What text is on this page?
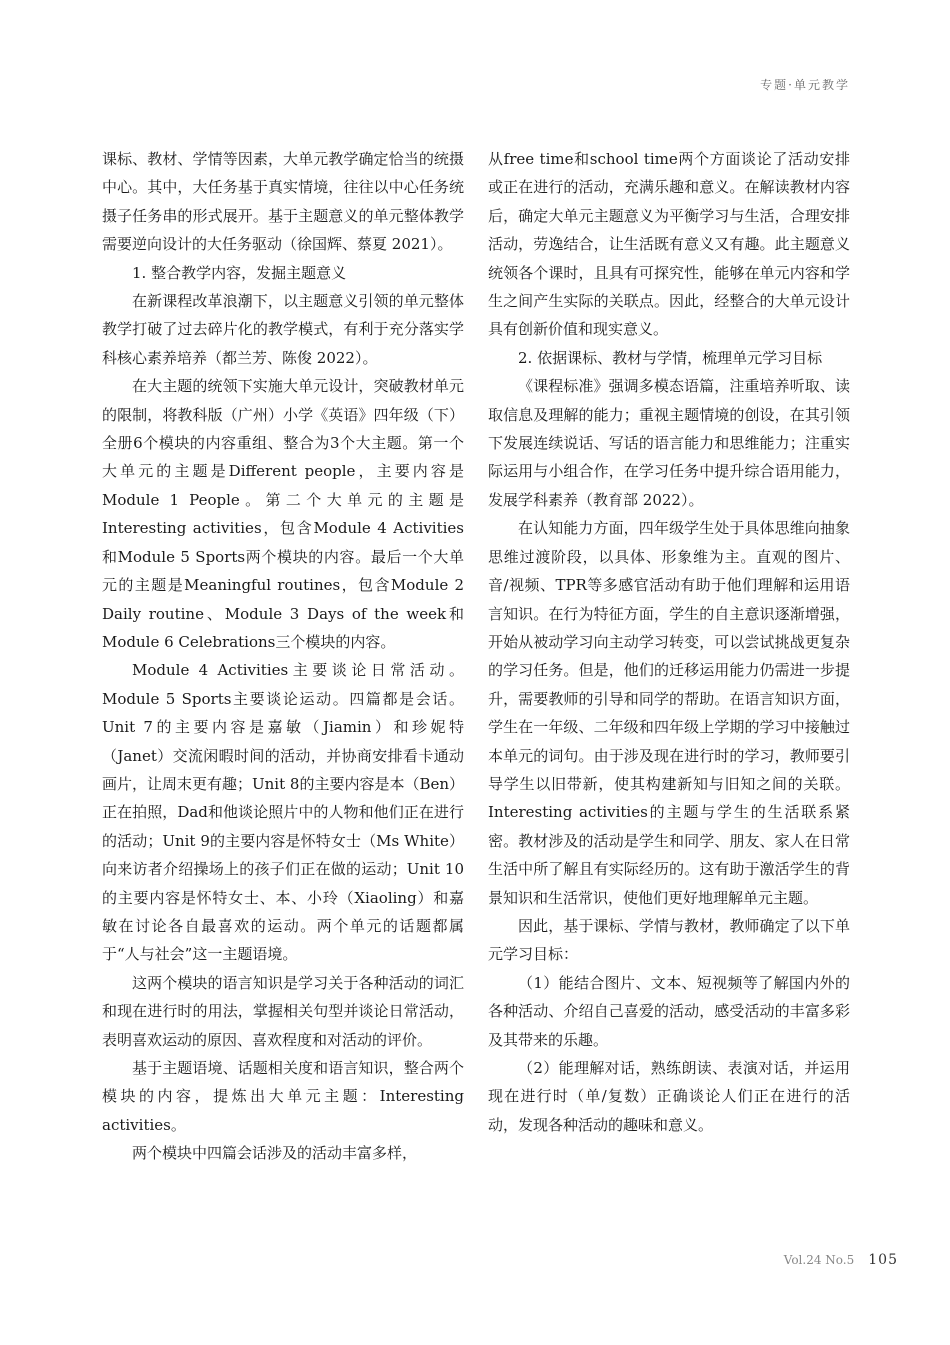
专题·单元教学

课标、教材、学情等因素，大单元教学确定恰当的统摄中心。其中，大任务基于真实情境，往往以中心任务统摄子任务串的形式展开。基于主题意义的单元整体教学需要逆向设计的大任务驱动（徐国辉、蔡夏 2021）。

1. 整合教学内容，发掘主题意义

在新课程改革浪潮下，以主题意义引领的单元整体教学打破了过去碎片化的教学模式，有利于充分落实学科核心素养培养（都兰芳、陈俊 2022）。

在大主题的统领下实施大单元设计，突破教材单元的限制，将教科版（广州）小学《英语》四年级（下）全册6个模块的内容重组、整合为3个大主题。第一个大单元的主题是Different people，主要内容是Module 1 People。第二个大单元的主题是Interesting activities，包含Module 4 Activities和Module 5 Sports两个模块的内容。最后一个大单元的主题是Meaningful routines，包含Module 2 Daily routine、Module 3 Days of the week和Module 6 Celebrations三个模块的内容。

Module 4 Activities主要谈论日常活动。Module 5 Sports主要谈论运动。四篇都是会话。Unit 7的主要内容是嘉敏（Jiamin）和珍妮特（Janet）交流闲暇时间的活动，并协商安排看卡通动画片，让周末更有趣；Unit 8的主要内容是本（Ben）正在拍照，Dad和他谈论照片中的人物和他们正在进行的活动；Unit 9的主要内容是怀特女士（Ms White）向来访者介绍操场上的孩子们正在做的运动；Unit 10的主要内容是怀特女士、本、小玲（Xiaoling）和嘉敏在讨论各自最喜欢的运动。两个单元的话题都属于“人与社会”这一主题语境。

这两个模块的语言知识是学习关于各种活动的词汇和现在进行时的用法，掌握相关句型并谈论日常活动，表明喜欢运动的原因、喜欢程度和对活动的评价。

基于主题语境、话题相关度和语言知识，整合两个模块的内容，提炼出大单元主题：Interesting activities。

两个模块中四篇会话涉及的活动丰富多样，

从free time和school time两个方面谈论了活动安排或正在进行的活动，充满乐趣和意义。在解读教材内容后，确定大单元主题意义为平衡学习与生活，合理安排活动，劳逸结合，让生活既有意义又有趣。此主题意义统领各个课时，且具有可探究性，能够在单元内容和学生之间产生实际的关联点。因此，经整合的大单元设计具有创新价值和现实意义。

2. 依据课标、教材与学情，梳理单元学习目标

《课程标准》强调多模态语篇，注重培养听取、读取信息及理解的能力；重视主题情境的创设，在其引领下发展连续说话、写话的语言能力和思维能力；注重实际运用与小组合作，在学习任务中提升综合语用能力，发展学科素养（教育部 2022）。

在认知能力方面，四年级学生处于具体思维向抽象思维过渡阶段，以具体、形象维为主。直观的图片、音/视频、TPR等多感官活动有助于他们理解和运用语言知识。在行为特征方面，学生的自主意识逐渐增强，开始从被动学习向主动学习转变，可以尝试挑战更复杂的学习任务。但是，他们的迁移运用能力仍需进一步提升，需要教师的引导和同学的帮助。在语言知识方面，学生在一年级、二年级和四年级上学期的学习中接触过本单元的词句。由于涉及现在进行时的学习，教师要引导学生以旧带新，使其构建新知与旧知之间的关联。Interesting activities的主题与学生的生活联系紧密。教材涉及的活动是学生和同学、朋友、家人在日常生活中所了解且有实际经历的。这有助于激活学生的背景知识和生活常识，使他们更好地理解单元主题。

因此，基于课标、学情与教材，教师确定了以下单元学习目标：

（1）能结合图片、文本、短视频等了解国内外的各种活动、介绍自己喜爱的活动，感受活动的丰富多彩及其带来的乐趣。

（2）能理解对话，熟练朗读、表演对话，并运用现在进行时（单/复数）正确谈论人们正在进行的活动，发现各种活动的趣味和意义。

Vol.24 No.5 105
